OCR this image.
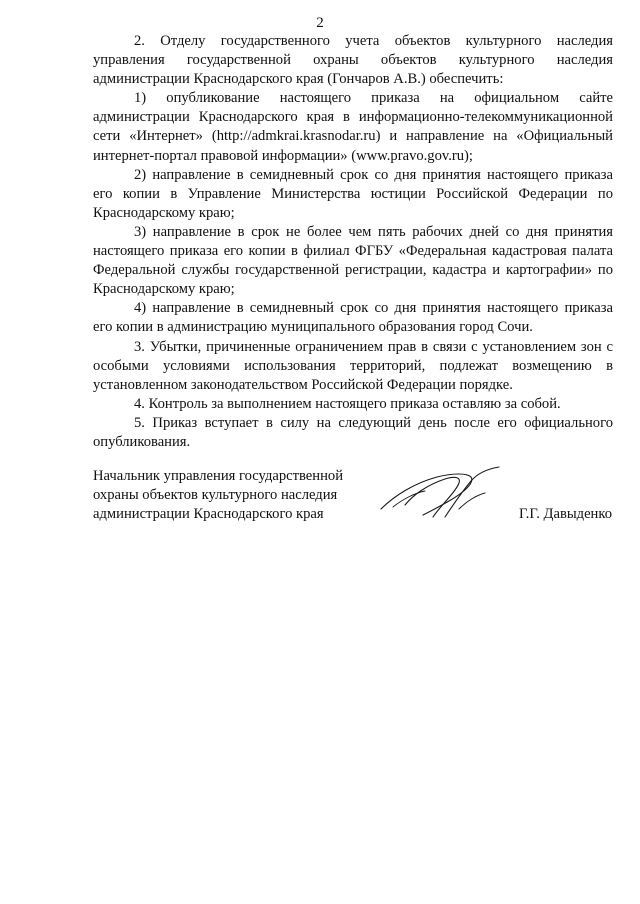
2

2. Отделу государственного учета объектов культурного наследия управления государственной охраны объектов культурного наследия администрации Краснодарского края (Гончаров А.В.) обеспечить:

1) опубликование настоящего приказа на официальном сайте администрации Краснодарского края в информационно-телекоммуникационной сети «Интернет» (http://admkrai.krasnodar.ru) и направление на «Официальный интернет-портал правовой информации» (www.pravo.gov.ru);

2) направление в семидневный срок со дня принятия настоящего приказа его копии в Управление Министерства юстиции Российской Федерации по Краснодарскому краю;

3) направление в срок не более чем пять рабочих дней со дня принятия настоящего приказа его копии в филиал ФГБУ «Федеральная кадастровая палата Федеральной службы государственной регистрации, кадастра и картографии» по Краснодарскому краю;

4) направление в семидневный срок со дня принятия настоящего приказа его копии в администрацию муниципального образования город Сочи.

3. Убытки, причиненные ограничением прав в связи с установлением зон с особыми условиями использования территорий, подлежат возмещению в установленном законодательством Российской Федерации порядке.

4. Контроль за выполнением настоящего приказа оставляю за собой.

5. Приказ вступает в силу на следующий день после его официального опубликования.

Начальник управления государственной
охраны объектов культурного наследия
администрации Краснодарского края	Г.Г. Давыденко
